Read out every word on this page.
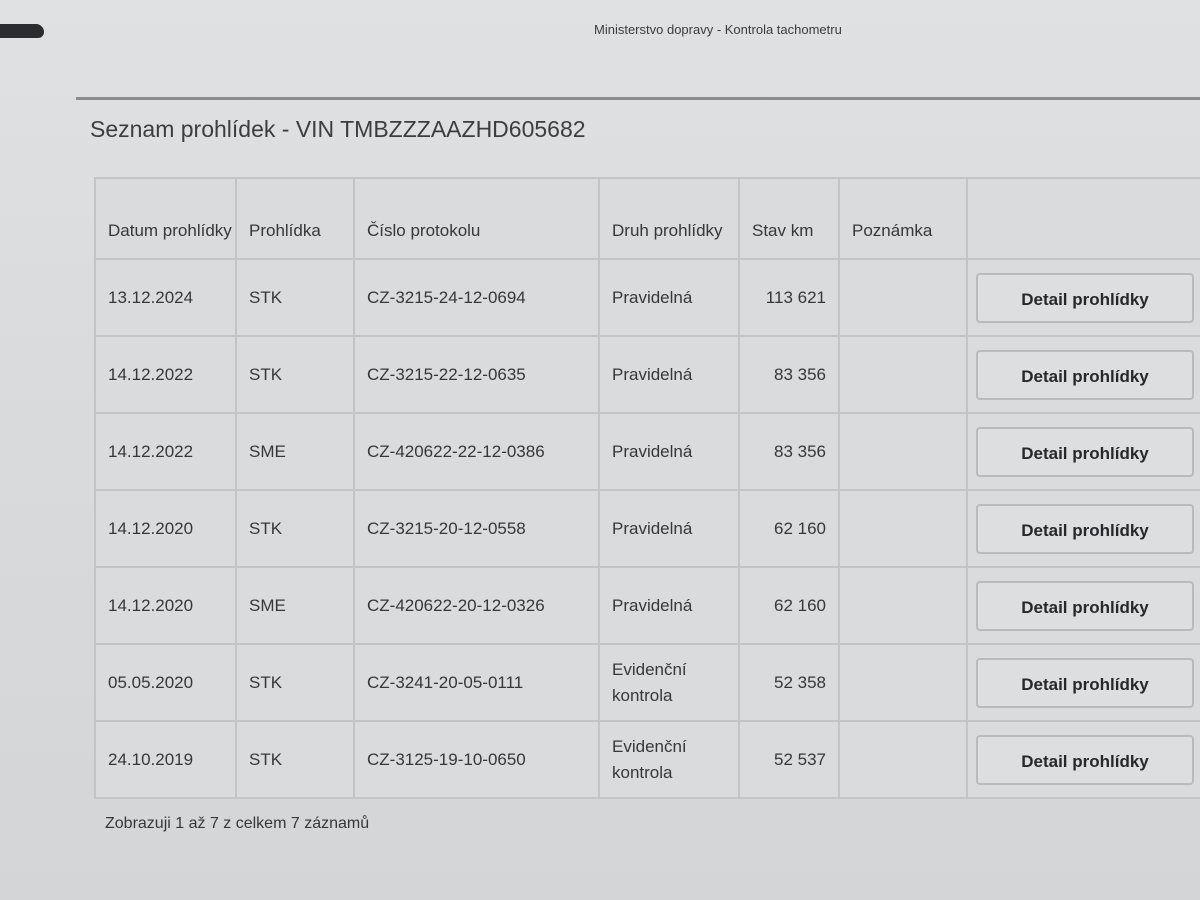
Ministerstvo dopravy - Kontrola tachometru
Seznam prohlídek - VIN TMBZZZAAZHD605682
Datum prohlídky	Prohlídka	Číslo protokolu	Druh prohlídky	Stav km	Poznámka	
13.12.2024	STK	CZ-3215-24-12-0694	Pravidelná	113 621		Detail prohlídky
14.12.2022	STK	CZ-3215-22-12-0635	Pravidelná	83 356		Detail prohlídky
14.12.2022	SME	CZ-420622-22-12-0386	Pravidelná	83 356		Detail prohlídky
14.12.2020	STK	CZ-3215-20-12-0558	Pravidelná	62 160		Detail prohlídky
14.12.2020	SME	CZ-420622-20-12-0326	Pravidelná	62 160		Detail prohlídky
05.05.2020	STK	CZ-3241-20-05-0111	Evidenční kontrola	52 358		Detail prohlídky
24.10.2019	STK	CZ-3125-19-10-0650	Evidenční kontrola	52 537		Detail prohlídky
Zobrazuji 1 až 7 z celkem 7 záznamů
